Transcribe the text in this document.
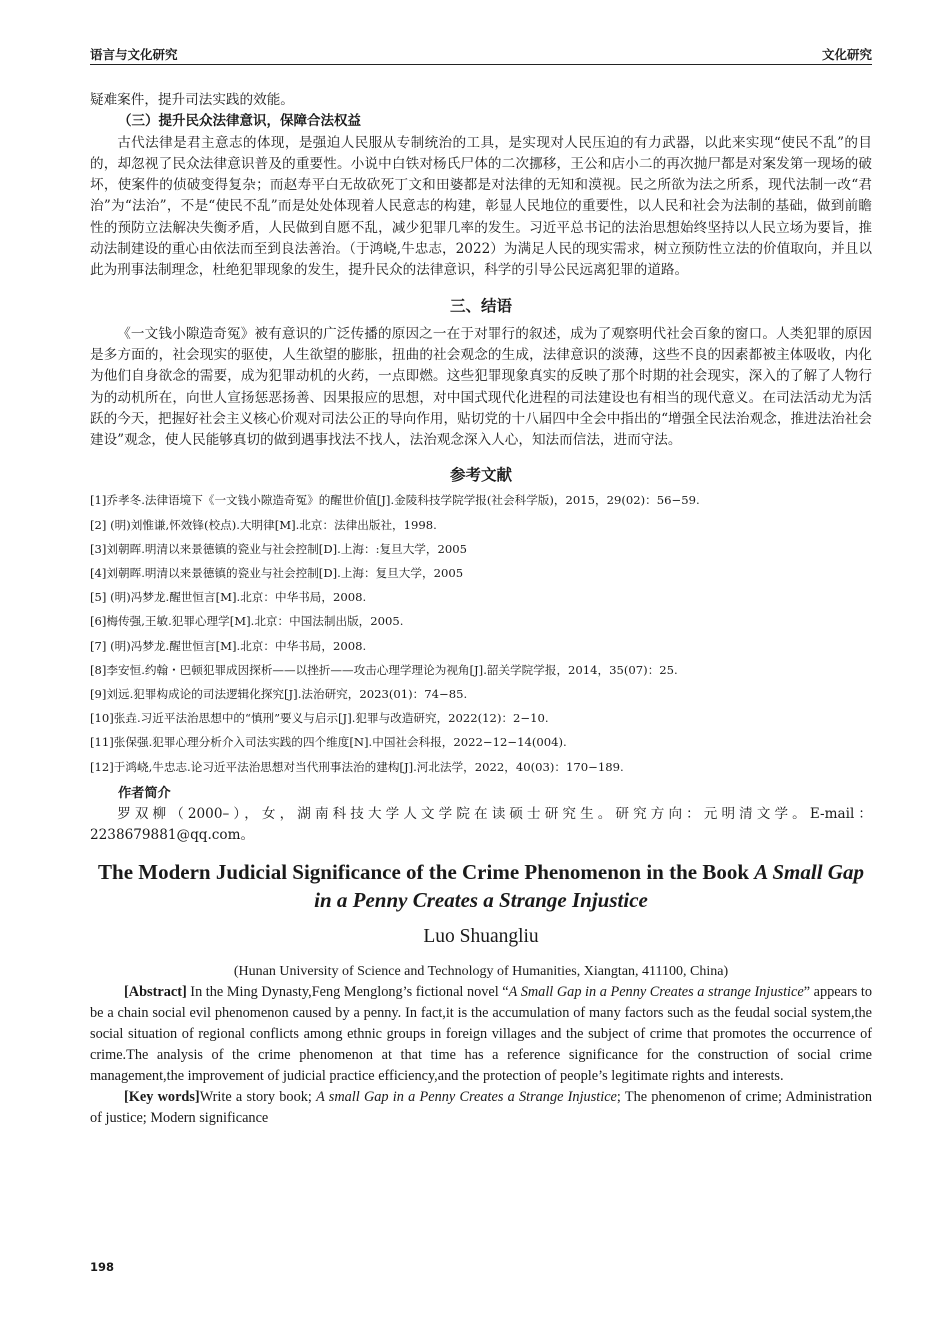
语言与文化研究	文化研究

疑难案件，提升司法实践的效能。

（三）提升民众法律意识，保障合法权益

古代法律是君主意志的体现，是强迫人民服从专制统治的工具，是实现对人民压迫的有力武器，以此来实现“使民不乱”的目的，却忽视了民众法律意识普及的重要性。小说中白铁对杨氏尸体的二次挪移，王公和店小二的再次抛尸都是对案发第一现场的破坏，使案件的侦破变得复杂；而赵寿平白无故砍死丁文和田婆都是对法律的无知和漠视。民之所欲为法之所系，现代法制一改“君治”为“法治”，不是“使民不乱”而是处处体现着人民意志的构建，彰显人民地位的重要性，以人民和社会为法制的基础，做到前瞻性的预防立法解决失衡矛盾，人民做到自愿不乱，减少犯罪几率的发生。习近平总书记的法治思想始终坚持以人民立场为要旨，推动法制建设的重心由依法而至到良法善治。（于鸿峣,牛忠志，2022）为满足人民的现实需求，树立预防性立法的价值取向，并且以此为刑事法制理念，杜绝犯罪现象的发生，提升民众的法律意识，科学的引导公民远离犯罪的道路。

三、结语

《一文钱小隙造奇冤》被有意识的广泛传播的原因之一在于对罪行的叙述，成为了观察明代社会百象的窗口。人类犯罪的原因是多方面的，社会现实的驱使，人生欲望的膨胀，扭曲的社会观念的生成，法律意识的淡薄，这些不良的因素都被主体吸收，内化为他们自身欲念的需要，成为犯罪动机的火药，一点即燃。这些犯罪现象真实的反映了那个时期的社会现实，深入的了解了人物行为的动机所在，向世人宣扬惩恶扬善、因果报应的思想，对中国式现代化进程的司法建设也有相当的现代意义。在司法活动尤为活跃的今天，把握好社会主义核心价观对司法公正的导向作用，贴切党的十八届四中全会中指出的“增强全民法治观念，推进法治社会建设”观念，使人民能够真切的做到遇事找法不找人，法治观念深入人心，知法而信法，进而守法。

参考文献
[1]乔孝冬.法律语境下《一文钱小隙造奇冤》的醒世价值[J].金陵科技学院学报(社会科学版)，2015，29(02)：56−59.
[2] (明)刘惟谦,怀效锋(校点).大明律[M].北京：法律出版社，1998.
[3]刘朝晖.明清以来景德镇的瓷业与社会控制[D].上海：:复旦大学，2005
[4]刘朝晖.明清以来景德镇的瓷业与社会控制[D].上海：复旦大学，2005
[5] (明)冯梦龙.醒世恒言[M].北京：中华书局，2008.
[6]梅传强,王敏.犯罪心理学[M].北京：中国法制出版，2005.
[7] (明)冯梦龙.醒世恒言[M].北京：中华书局，2008.
[8]李安恒.约翰・巴顿犯罪成因探析——以挫折——攻击心理学理论为视角[J].韶关学院学报，2014，35(07)：25.
[9]刘远.犯罪构成论的司法逻辑化探究[J].法治研究，2023(01)：74−85.
[10]张垚.习近平法治思想中的“慎刑”要义与启示[J].犯罪与改造研究，2022(12)：2−10.
[11]张保强.犯罪心理分析介入司法实践的四个维度[N].中国社会科报，2022−12−14(004).
[12]于鸿峣,牛忠志.论习近平法治思想对当代刑事法治的建构[J].河北法学，2022，40(03)：170−189.
作者简介

罗双柳（2000–），女，湖南科技大学人文学院在读硕士研究生。研究方向：元明清文学。E-mail：2238679881@qq.com。

The Modern Judicial Significance of the Crime Phenomenon in the Book A Small Gap in a Penny Creates a Strange Injustice
Luo Shuangliu
(Hunan University of Science and Technology of Humanities, Xiangtan, 411100, China)

[Abstract] In the Ming Dynasty,Feng Menglong’s fictional novel “A Small Gap in a Penny Creates a strange Injustice” appears to be a chain social evil phenomenon caused by a penny. In fact,it is the accumulation of many factors such as the feudal social system,the social situation of regional conflicts among ethnic groups in foreign villages and the subject of crime that promotes the occurrence of crime.The analysis of the crime phenomenon at that time has a reference significance for the construction of social crime management,the improvement of judicial practice efficiency,and the protection of people’s legitimate rights and interests.

[Key words]Write a story book; A small Gap in a Penny Creates a Strange Injustice; The phenomenon of crime; Administration of justice; Modern significance

198
